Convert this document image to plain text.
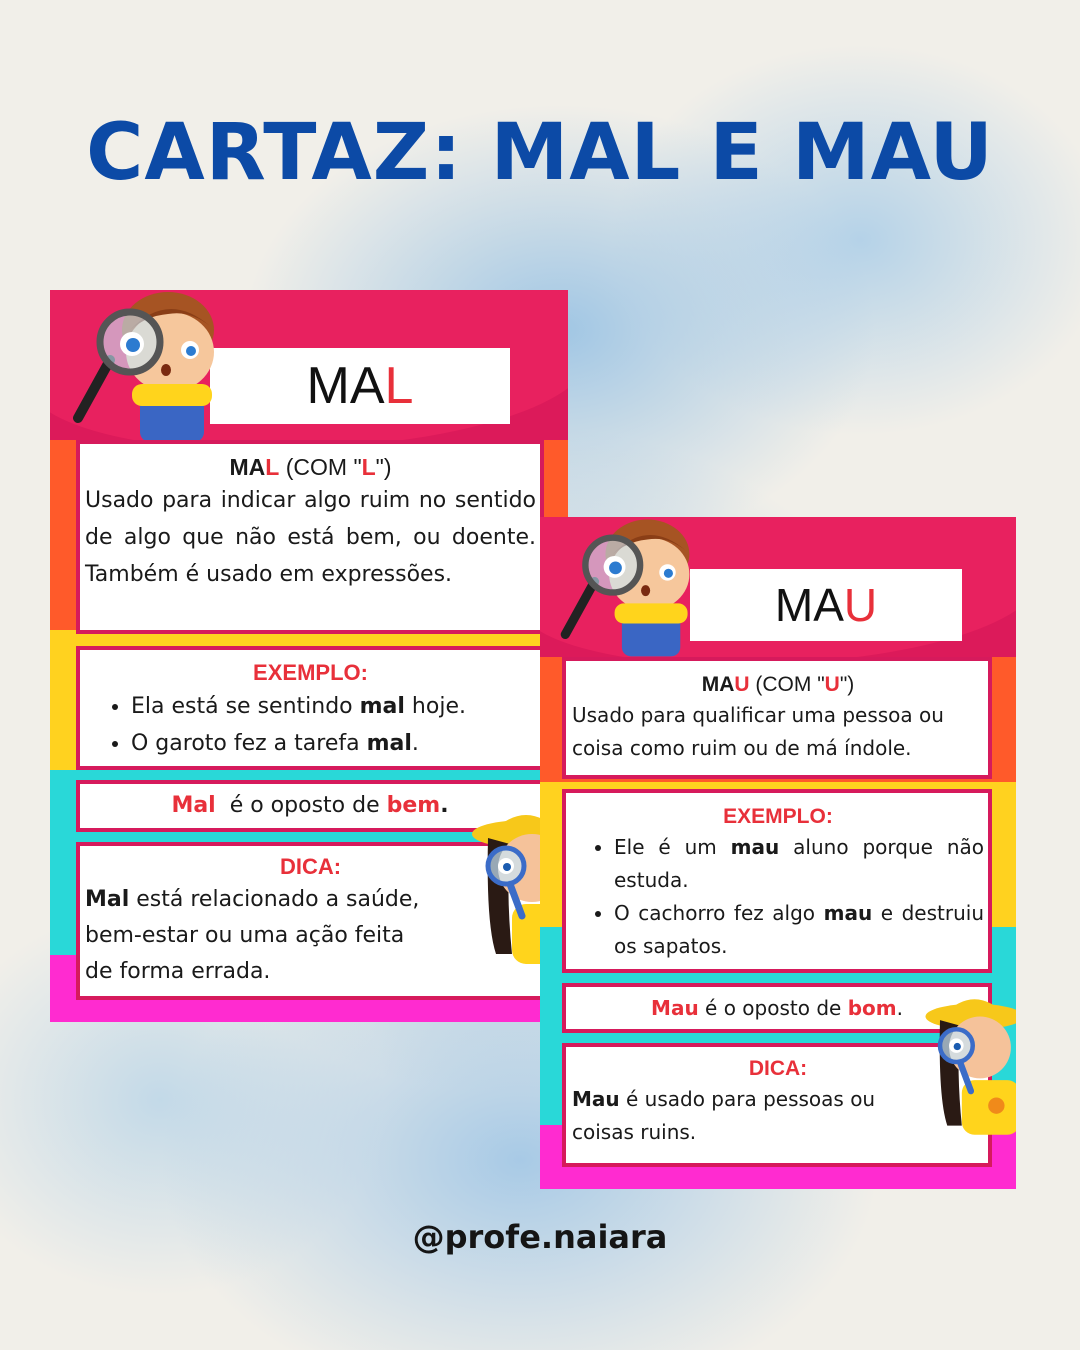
CARTAZ: MAL E MAU
MA L
MAL (COM "L")
Usado para indicar algo ruim no sentido de algo que não está bem, ou doente. Também é usado em expressões.
EXEMPLO:
• Ela está se sentindo mal hoje.
• O garoto fez a tarefa mal.
Mal  é o oposto de bem.
DICA:
Mal está relacionado a saúde,
bem-estar ou uma ação feita
de forma errada.
MA U
MAU (COM "U")
Usado para qualificar uma pessoa ou coisa como ruim ou de má índole.
EXEMPLO:
• Ele é um mau aluno porque não estuda.
• O cachorro fez algo mau e destruiu os sapatos.
Mau é o oposto de bom.
DICA:
Mau é usado para pessoas ou
coisas ruins.
@profe.naiara
